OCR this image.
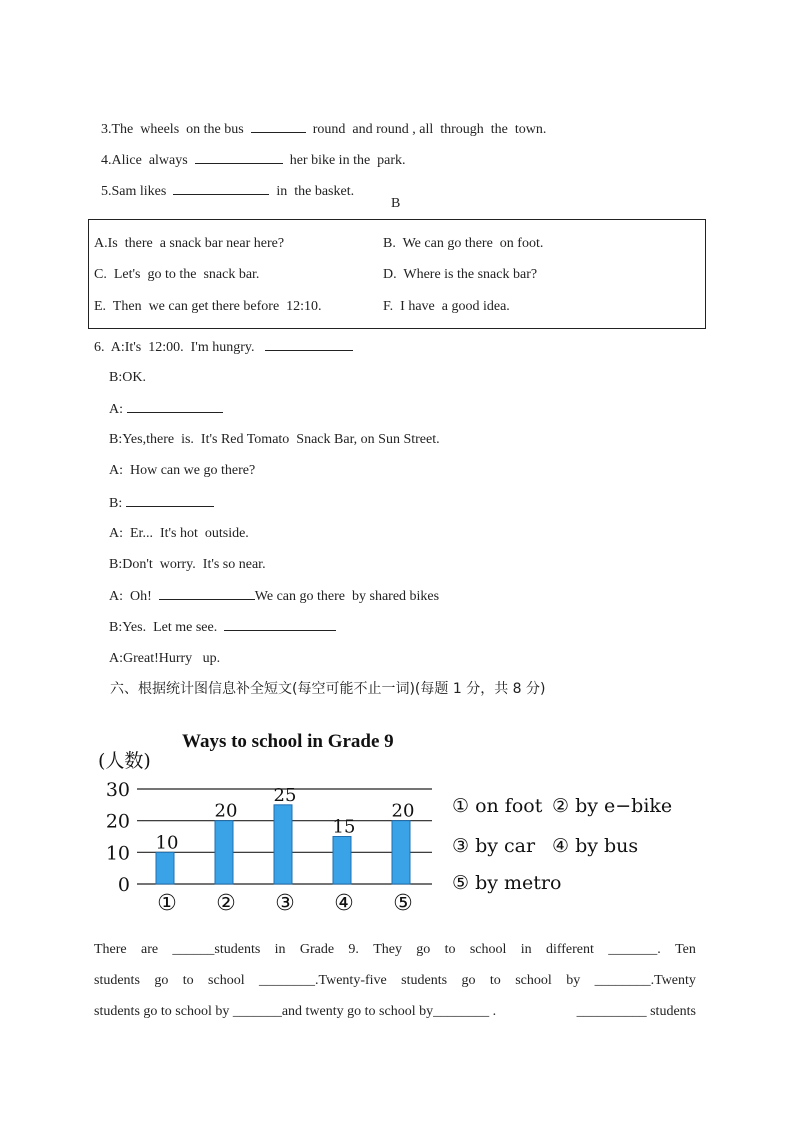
3.The  wheels  on the bus	round  and round , all  through  the  town.

4.Alice  always	her bike in the  park.

5.Sam likes	in  the basket.

B
A.Is  there  a snack bar near here?	B.  We can go there  on foot.
C.  Let's  go to the  snack bar.	D.  Where is the snack bar?
E.  Then  we can get there before  12:10.	F.  I have  a good idea.
6.  A:It's  12:00.  I'm hungry.
B:OK.
A:
B:Yes,there  is.  It's Red Tomato  Snack Bar, on Sun Street.
A:  How can we go there?
B:
A:  Er...  It's hot  outside.
B:Don't  worry.  It's so near.
A:  Oh!	We can go there  by shared bikes
B:Yes.  Let me see.
A:Great!Hurry   up.
六、根据统计图信息补全短文(每空可能不止一词)(每题 1 分，共 8 分)
Ways to school in Grade 9
(人数)
0
10
20
30
10
20
25
15
20
① ② ③ ④ ⑤
① on foot ② by e−bike
③ by car ④ by bus
⑤ by metro
There are ______students in Grade 9. They go to school in different _______. Ten
students go to school ________.Twenty-five students go to school by ________.Twenty
students go to school by _______and twenty go to school by________ .	__________ students
